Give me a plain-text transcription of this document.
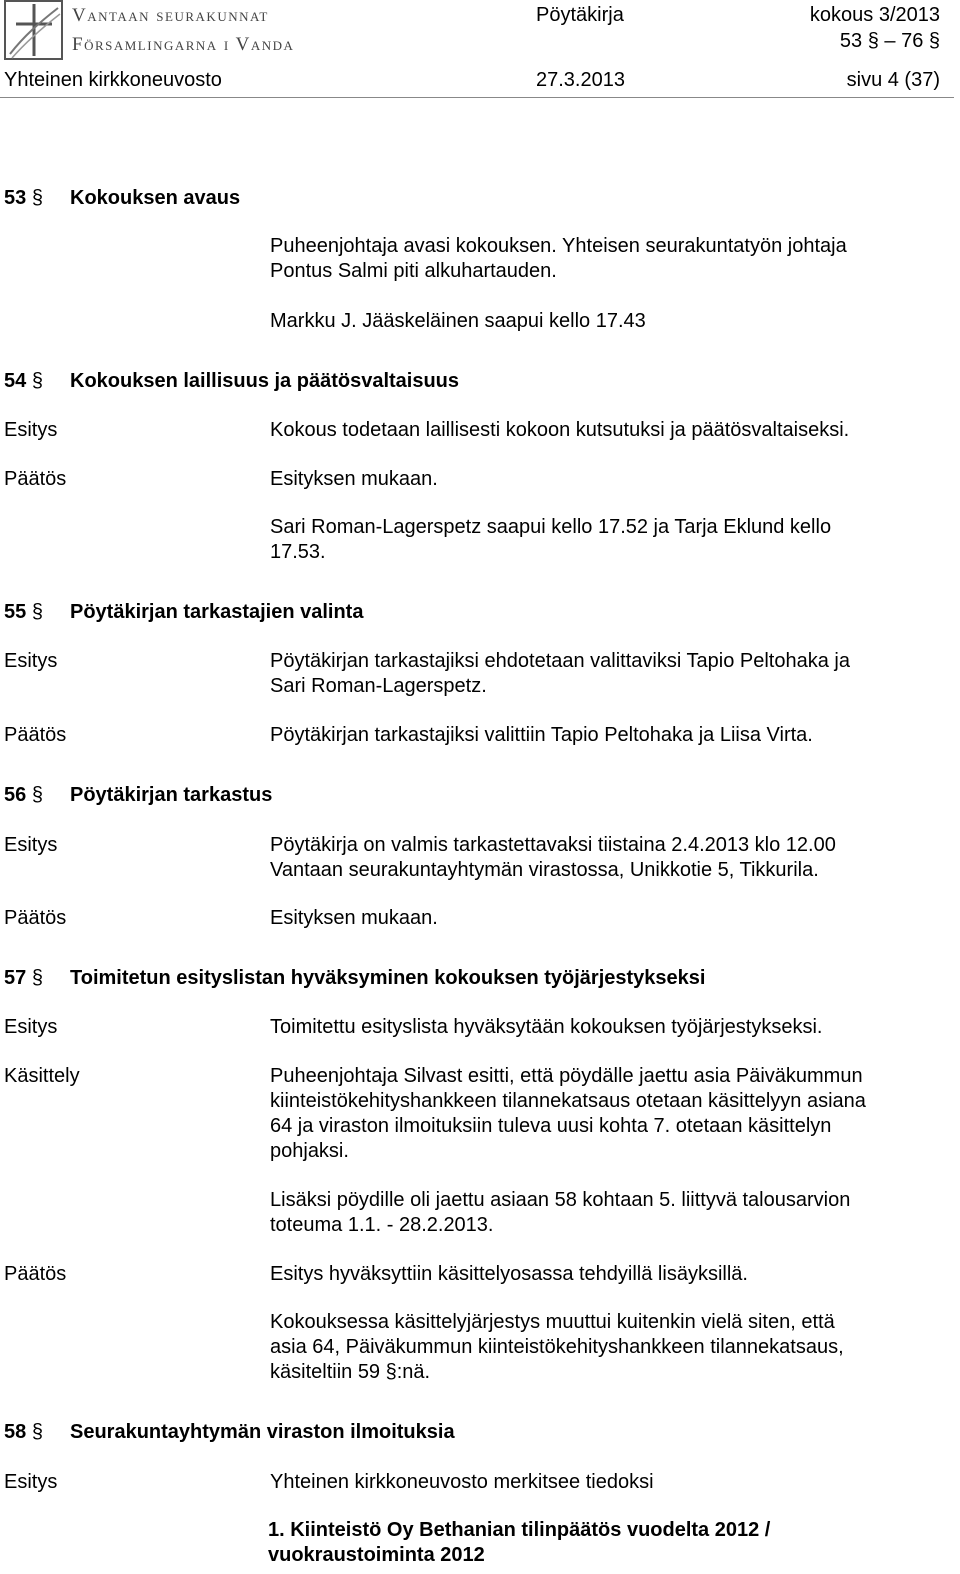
Vantaan seurakunnat
Församlingarna i Vanda
Pöytäkirja	kokous 3/2013
53 § – 76 §
Yhteinen kirkkoneuvosto	27.3.2013	sivu 4 (37)
53 § Kokouksen avaus
Puheenjohtaja avasi kokouksen. Yhteisen seurakuntatyön johtaja
Pontus Salmi piti alkuhartauden.
Markku J. Jääskeläinen saapui kello 17.43
54 § Kokouksen laillisuus ja päätösvaltaisuus
Esitys	Kokous todetaan laillisesti kokoon kutsutuksi ja päätösvaltaiseksi.
Päätös	Esityksen mukaan.
Sari Roman-Lagerspetz saapui kello 17.52 ja Tarja Eklund kello
17.53.
55 § Pöytäkirjan tarkastajien valinta
Esitys	Pöytäkirjan tarkastajiksi ehdotetaan valittaviksi Tapio Peltohaka ja
Sari Roman-Lagerspetz.
Päätös	Pöytäkirjan tarkastajiksi valittiin Tapio Peltohaka ja Liisa Virta.
56 § Pöytäkirjan tarkastus
Esitys	Pöytäkirja on valmis tarkastettavaksi tiistaina 2.4.2013 klo 12.00
Vantaan seurakuntayhtymän virastossa, Unikkotie 5, Tikkurila.
Päätös	Esityksen mukaan.
57 § Toimitetun esityslistan hyväksyminen kokouksen työjärjestykseksi
Esitys	Toimitettu esityslista hyväksytään kokouksen työjärjestykseksi.
Käsittely	Puheenjohtaja Silvast esitti, että pöydälle jaettu asia Päiväkummun
kiinteistökehityshankkeen tilannekatsaus otetaan käsittelyyn asiana
64 ja viraston ilmoituksiin tuleva uusi kohta 7. otetaan käsittelyn
pohjaksi.
Lisäksi pöydille oli jaettu asiaan 58 kohtaan 5. liittyvä talousarvion
toteuma 1.1. - 28.2.2013.
Päätös	Esitys hyväksyttiin käsittelyosassa tehdyillä lisäyksillä.
Kokouksessa käsittelyjärjestys muuttui kuitenkin vielä siten, että
asia 64, Päiväkummun kiinteistökehityshankkeen tilannekatsaus,
käsiteltiin 59 §:nä.
58 § Seurakuntayhtymän viraston ilmoituksia
Esitys	Yhteinen kirkkoneuvosto merkitsee tiedoksi
1. Kiinteistö Oy Bethanian tilinpäätös vuodelta 2012 /
vuokraustoiminta 2012
